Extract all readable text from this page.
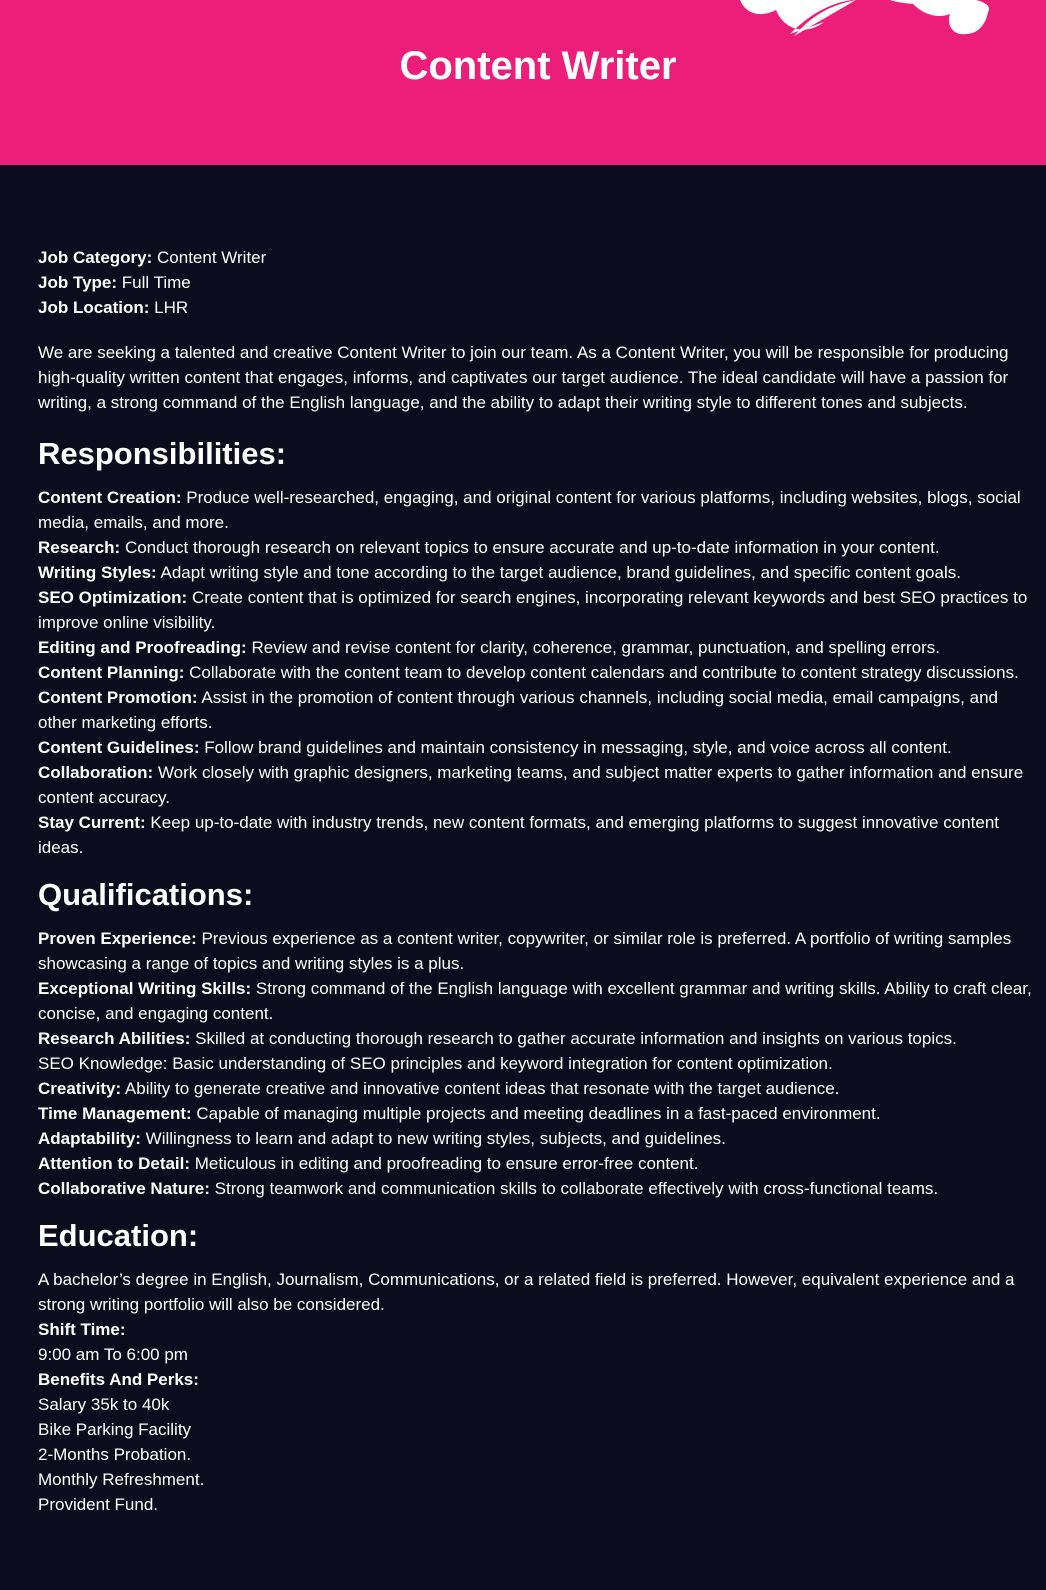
Content Writer

Job Category: Content Writer

Job Type: Full Time

Job Location: LHR

We are seeking a talented and creative Content Writer to join our team. As a Content Writer, you will be responsible for producing high-quality written content that engages, informs, and captivates our target audience. The ideal candidate will have a passion for writing, a strong command of the English language, and the ability to adapt their writing style to different tones and subjects.

Responsibilities:

Content Creation: Produce well-researched, engaging, and original content for various platforms, including websites, blogs, social media, emails, and more.

Research: Conduct thorough research on relevant topics to ensure accurate and up-to-date information in your content.

Writing Styles: Adapt writing style and tone according to the target audience, brand guidelines, and specific content goals.

SEO Optimization: Create content that is optimized for search engines, incorporating relevant keywords and best SEO practices to improve online visibility.

Editing and Proofreading: Review and revise content for clarity, coherence, grammar, punctuation, and spelling errors.

Content Planning: Collaborate with the content team to develop content calendars and contribute to content strategy discussions.

Content Promotion: Assist in the promotion of content through various channels, including social media, email campaigns, and other marketing efforts.

Content Guidelines: Follow brand guidelines and maintain consistency in messaging, style, and voice across all content.

Collaboration: Work closely with graphic designers, marketing teams, and subject matter experts to gather information and ensure content accuracy.

Stay Current: Keep up-to-date with industry trends, new content formats, and emerging platforms to suggest innovative content ideas.

Qualifications:

Proven Experience: Previous experience as a content writer, copywriter, or similar role is preferred. A portfolio of writing samples showcasing a range of topics and writing styles is a plus.

Exceptional Writing Skills: Strong command of the English language with excellent grammar and writing skills. Ability to craft clear, concise, and engaging content.

Research Abilities: Skilled at conducting thorough research to gather accurate information and insights on various topics.

SEO Knowledge: Basic understanding of SEO principles and keyword integration for content optimization.

Creativity: Ability to generate creative and innovative content ideas that resonate with the target audience.

Time Management: Capable of managing multiple projects and meeting deadlines in a fast-paced environment.

Adaptability: Willingness to learn and adapt to new writing styles, subjects, and guidelines.

Attention to Detail: Meticulous in editing and proofreading to ensure error-free content.

Collaborative Nature: Strong teamwork and communication skills to collaborate effectively with cross-functional teams.

Education:

A bachelor’s degree in English, Journalism, Communications, or a related field is preferred. However, equivalent experience and a strong writing portfolio will also be considered.

Shift Time:

9:00 am To 6:00 pm

Benefits And Perks:

Salary 35k to 40k

Bike Parking Facility

2-Months Probation.

Monthly Refreshment.

Provident Fund.
